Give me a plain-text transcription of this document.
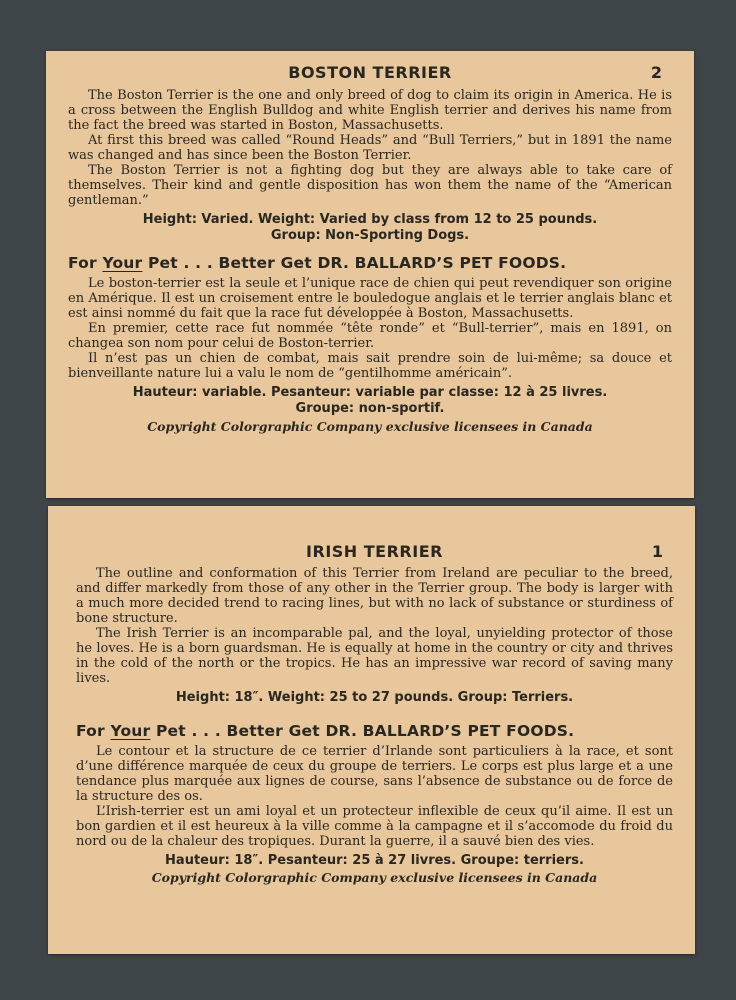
BOSTON TERRIER	2

The Boston Terrier is the one and only breed of dog to claim its origin in America. He is a cross between the English Bulldog and white English terrier and derives his name from the fact the breed was started in Boston, Massachusetts.

At first this breed was called “Round Heads” and “Bull Terriers,” but in 1891 the name was changed and has since been the Boston Terrier.

The Boston Terrier is not a fighting dog but they are always able to take care of themselves. Their kind and gentle disposition has won them the name of the “American gentleman.”

Height: Varied. Weight: Varied by class from 12 to 25 pounds.
Group: Non-Sporting Dogs.
For Your Pet . . . Better Get DR. BALLARD’S PET FOODS.

Le boston-terrier est la seule et l’unique race de chien qui peut revendiquer son origine en Amérique. Il est un croisement entre le bouledogue anglais et le terrier anglais blanc et est ainsi nommé du fait que la race fut développée à Boston, Massachusetts.

En premier, cette race fut nommée “tête ronde” et “Bull-terrier”, mais en 1891, on changea son nom pour celui de Boston-terrier.

Il n’est pas un chien de combat, mais sait prendre soin de lui-même; sa douce et bienveillante nature lui a valu le nom de “gentilhomme américain”.

Hauteur: variable. Pesanteur: variable par classe: 12 à 25 livres.
Groupe: non-sportif.
Copyright Colorgraphic Company exclusive licensees in Canada
IRISH TERRIER	1

The outline and conformation of this Terrier from Ireland are peculiar to the breed, and differ markedly from those of any other in the Terrier group. The body is larger with a much more decided trend to racing lines, but with no lack of substance or sturdiness of bone structure.

The Irish Terrier is an incomparable pal, and the loyal, unyielding protector of those he loves. He is a born guardsman. He is equally at home in the country or city and thrives in the cold of the north or the tropics. He has an impressive war record of saving many lives.

Height: 18″. Weight: 25 to 27 pounds. Group: Terriers.
For Your Pet . . . Better Get DR. BALLARD’S PET FOODS.

Le contour et la structure de ce terrier d’Irlande sont particuliers à la race, et sont d’une différence marquée de ceux du groupe de terriers. Le corps est plus large et a une tendance plus marquée aux lignes de course, sans l’absence de substance ou de force de la structure des os.

L’Irish-terrier est un ami loyal et un protecteur inflexible de ceux qu’il aime. Il est un bon gardien et il est heureux à la ville comme à la campagne et il s’accomode du froid du nord ou de la chaleur des tropiques. Durant la guerre, il a sauvé bien des vies.

Hauteur: 18″. Pesanteur: 25 à 27 livres. Groupe: terriers.
Copyright Colorgraphic Company exclusive licensees in Canada
